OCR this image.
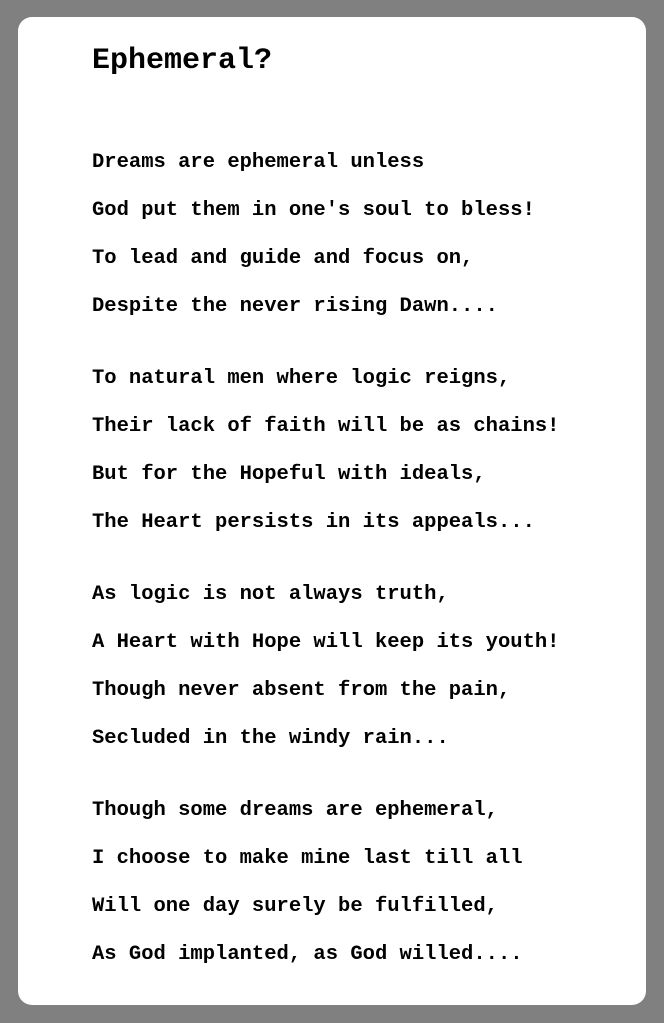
Ephemeral?
Dreams are ephemeral unless
God put them in one's soul to bless!
To lead and guide and focus on,
Despite the never rising Dawn....
To natural men where logic reigns,
Their lack of faith will be as chains!
But for the Hopeful with ideals,
The Heart persists in its appeals...
As logic is not always truth,
A Heart with Hope will keep its youth!
Though never absent from the pain,
Secluded in the windy rain...
Though some dreams are ephemeral,
I choose to make mine last till all
Will one day surely be fulfilled,
As God implanted, as God willed....
